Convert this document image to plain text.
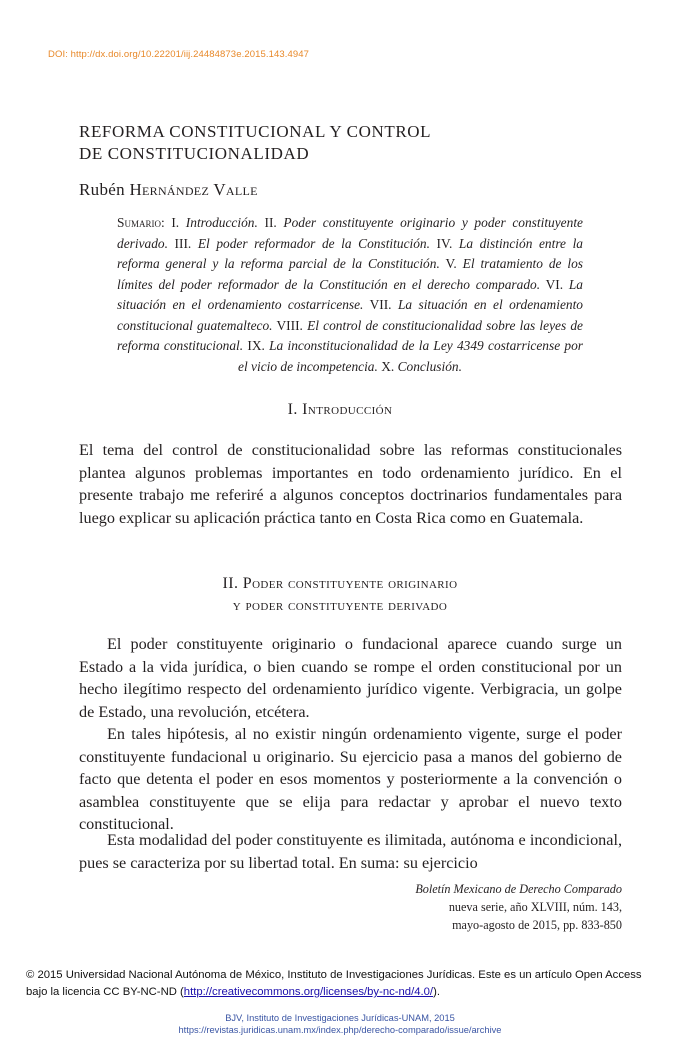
DOI: http://dx.doi.org/10.22201/iij.24484873e.2015.143.4947
REFORMA CONSTITUCIONAL Y CONTROL
DE CONSTITUCIONALIDAD
Rubén Hernández Valle
Sumario: I. Introducción. II. Poder constituyente originario y poder constituyente derivado. III. El poder reformador de la Constitución. IV. La distinción entre la reforma general y la reforma parcial de la Constitución. V. El tratamiento de los límites del poder reformador de la Constitución en el derecho comparado. VI. La situación en el ordenamiento costarricense. VII. La situación en el ordenamiento constitucional guatemalteco. VIII. El control de constitucionalidad sobre las leyes de reforma constitucional. IX. La inconstitucionalidad de la Ley 4349 costarricense por el vicio de incompetencia. X. Conclusión.
I. Introducción

El tema del control de constitucionalidad sobre las reformas constitucionales plantea algunos problemas importantes en todo ordenamiento jurídico. En el presente trabajo me referiré a algunos conceptos doctrinarios fundamentales para luego explicar su aplicación práctica tanto en Costa Rica como en Guatemala.

II. Poder constituyente originario
y poder constituyente derivado

El poder constituyente originario o fundacional aparece cuando surge un Estado a la vida jurídica, o bien cuando se rompe el orden constitucional por un hecho ilegítimo respecto del ordenamiento jurídico vigente. Verbigracia, un golpe de Estado, una revolución, etcétera.

En tales hipótesis, al no existir ningún ordenamiento vigente, surge el poder constituyente fundacional u originario. Su ejercicio pasa a manos del gobierno de facto que detenta el poder en esos momentos y posteriormente a la convención o asamblea constituyente que se elija para redactar y aprobar el nuevo texto constitucional.

Esta modalidad del poder constituyente es ilimitada, autónoma e incondicional, pues se caracteriza por su libertad total. En suma: su ejercicio

Boletín Mexicano de Derecho Comparado
nueva serie, año XLVIII, núm. 143,
mayo-agosto de 2015, pp. 833-850
© 2015 Universidad Nacional Autónoma de México, Instituto de Investigaciones Jurídicas. Este es un artículo Open Access bajo la licencia CC BY-NC-ND (http://creativecommons.org/licenses/by-nc-nd/4.0/).
BJV, Instituto de Investigaciones Jurídicas-UNAM, 2015
https://revistas.juridicas.unam.mx/index.php/derecho-comparado/issue/archive
